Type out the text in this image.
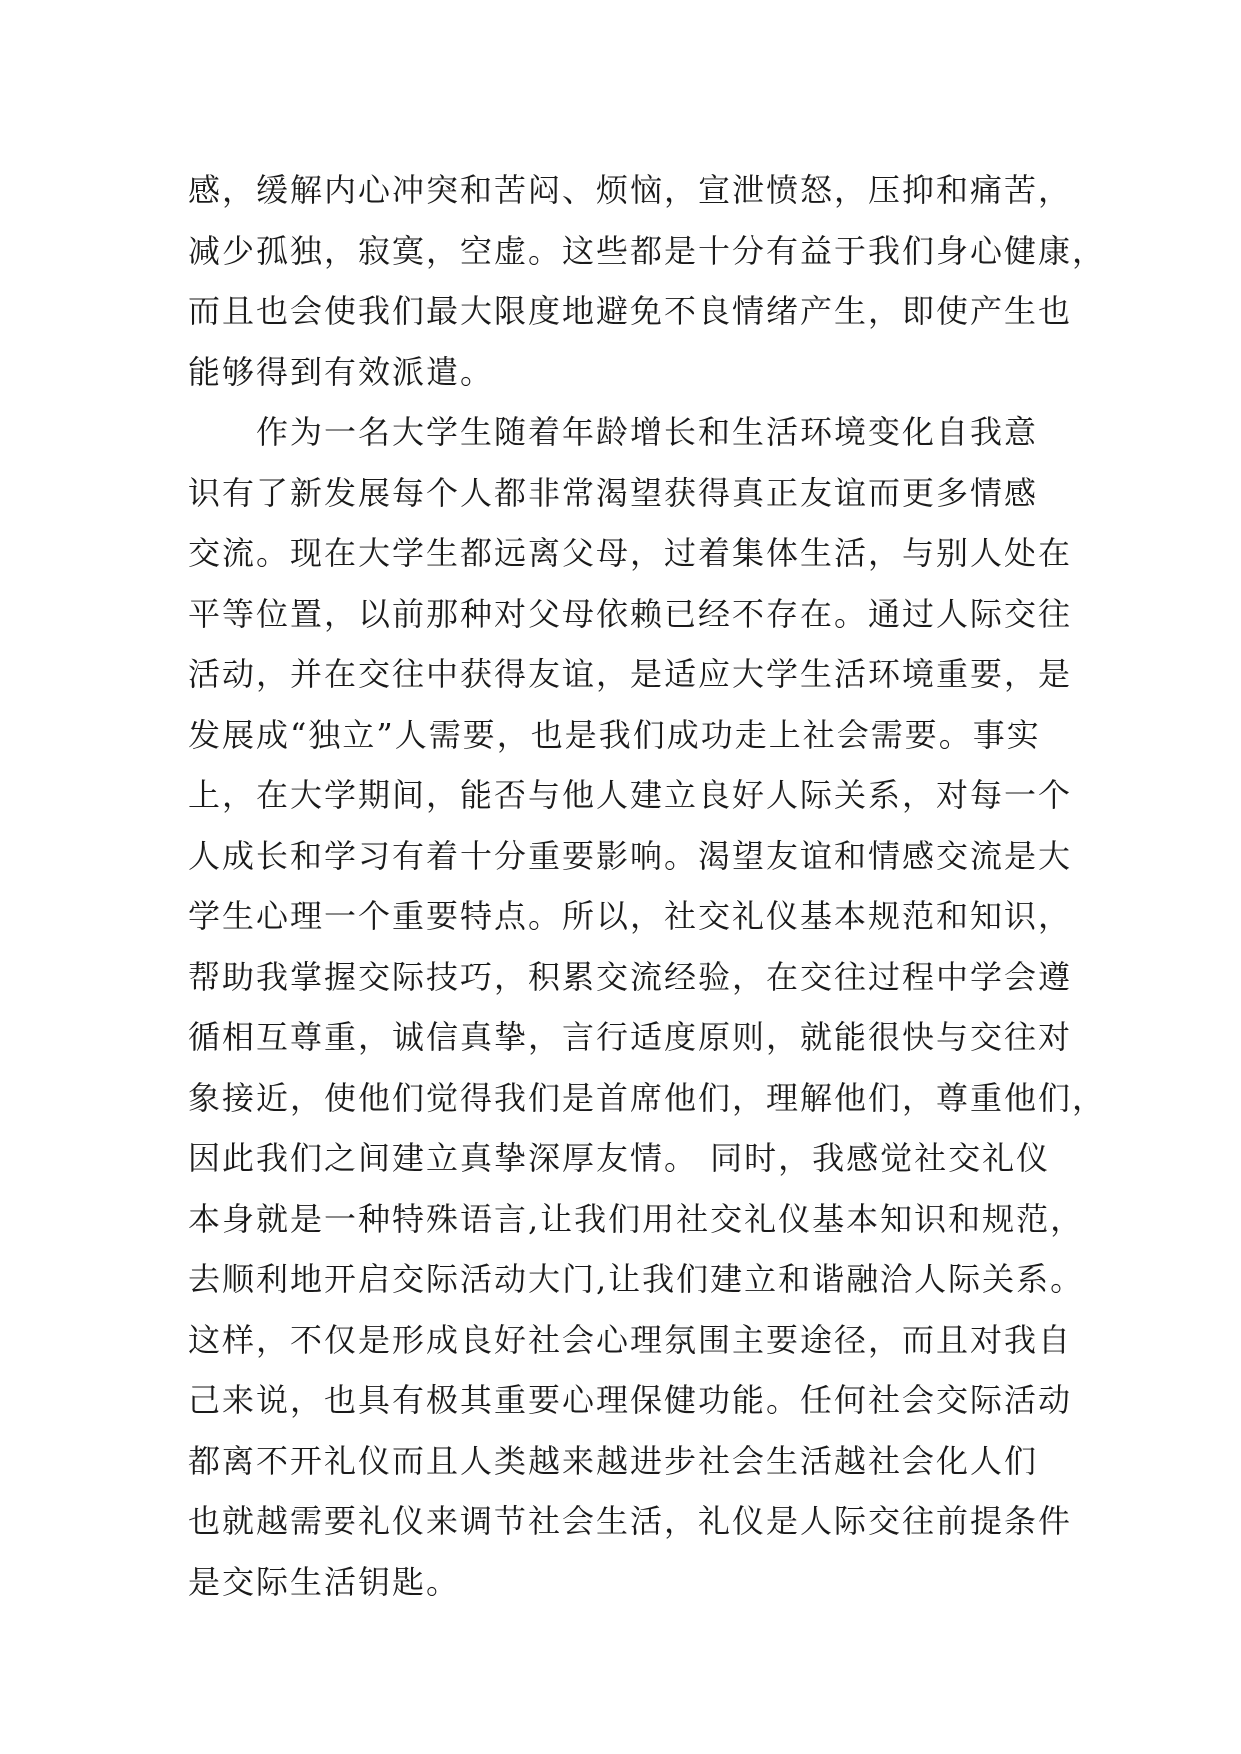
感，缓解内心冲突和苦闷、烦恼，宣泄愤怒，压抑和痛苦，
减少孤独，寂寞，空虚。这些都是十分有益于我们身心健康，
而且也会使我们最大限度地避免不良情绪产生，即使产生也
能够得到有效派遣。
　　作为一名大学生随着年龄增长和生活环境变化自我意
识有了新发展每个人都非常渴望获得真正友谊而更多情感
交流。现在大学生都远离父母，过着集体生活，与别人处在
平等位置，以前那种对父母依赖已经不存在。通过人际交往
活动，并在交往中获得友谊，是适应大学生活环境重要，是
发展成“独立”人需要，也是我们成功走上社会需要。事实
上，在大学期间，能否与他人建立良好人际关系，对每一个
人成长和学习有着十分重要影响。渴望友谊和情感交流是大
学生心理一个重要特点。所以，社交礼仪基本规范和知识，
帮助我掌握交际技巧，积累交流经验，在交往过程中学会遵
循相互尊重，诚信真挚，言行适度原则，就能很快与交往对
象接近，使他们觉得我们是首席他们，理解他们，尊重他们，
因此我们之间建立真挚深厚友情。 同时，我感觉社交礼仪
本身就是一种特殊语言,让我们用社交礼仪基本知识和规范，
去顺利地开启交际活动大门,让我们建立和谐融洽人际关系。
这样，不仅是形成良好社会心理氛围主要途径，而且对我自
己来说，也具有极其重要心理保健功能。任何社会交际活动
都离不开礼仪而且人类越来越进步社会生活越社会化人们
也就越需要礼仪来调节社会生活，礼仪是人际交往前提条件
是交际生活钥匙。
